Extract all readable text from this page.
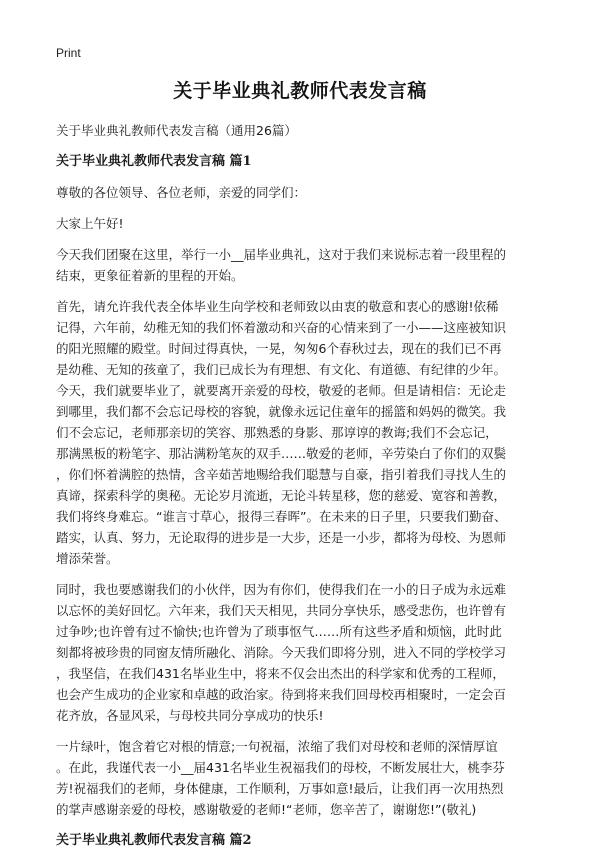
Print
关于毕业典礼教师代表发言稿
关于毕业典礼教师代表发言稿（通用26篇）
关于毕业典礼教师代表发言稿 篇1
尊敬的各位领导、各位老师，亲爱的同学们：
大家上午好!
今天我们团聚在这里，举行一小__届毕业典礼，这对于我们来说标志着一段里程的
结束，更象征着新的里程的开始。
首先，请允许我代表全体毕业生向学校和老师致以由衷的敬意和衷心的感谢!依稀
记得，六年前，幼稚无知的我们怀着激动和兴奋的心情来到了一小——这座被知识
的阳光照耀的殿堂。时间过得真快，一晃，匆匆6个春秋过去，现在的我们已不再
是幼稚、无知的孩童了，我们已成长为有理想、有文化、有道德、有纪律的少年。
今天，我们就要毕业了，就要离开亲爱的母校，敬爱的老师。但是请相信：无论走
到哪里，我们都不会忘记母校的容貌，就像永远记住童年的摇篮和妈妈的微笑。我
们不会忘记，老师那亲切的笑容、那熟悉的身影、那谆谆的教诲;我们不会忘记，
那满黑板的粉笔字、那沾满粉笔灰的双手……敬爱的老师，辛劳染白了你们的双鬓
，你们怀着满腔的热情，含辛茹苦地赐给我们聪慧与自豪，指引着我们寻找人生的
真谛，探索科学的奥秘。无论岁月流逝，无论斗转星移，您的慈爱、宽容和善教，
我们将终身难忘。“谁言寸草心，报得三春晖”。在未来的日子里，只要我们勤奋、
踏实，认真、努力，无论取得的进步是一大步，还是一小步，都将为母校、为恩师
增添荣誉。
同时，我也要感谢我们的小伙伴，因为有你们，使得我们在一小的日子成为永远难
以忘怀的美好回忆。六年来，我们天天相见，共同分享快乐，感受悲伤，也许曾有
过争吵;也许曾有过不愉快;也许曾为了琐事怄气……所有这些矛盾和烦恼，此时此
刻都将被珍贵的同窗友情所融化、消除。今天我们即将分别，进入不同的学校学习
，我坚信，在我们431名毕业生中，将来不仅会出杰出的科学家和优秀的工程师，
也会产生成功的企业家和卓越的政治家。待到将来我们回母校再相聚时，一定会百
花齐放，各显风采，与母校共同分享成功的快乐!
一片绿叶，饱含着它对根的情意;一句祝福，浓缩了我们对母校和老师的深情厚谊
。在此，我谨代表一小__届431名毕业生祝福我们的母校，不断发展壮大，桃李芬
芳!祝福我们的老师，身体健康，工作顺利，万事如意!最后，让我们再一次用热烈
的掌声感谢亲爱的母校，感谢敬爱的老师!“老师，您辛苦了，谢谢您!”(敬礼)
关于毕业典礼教师代表发言稿 篇2
